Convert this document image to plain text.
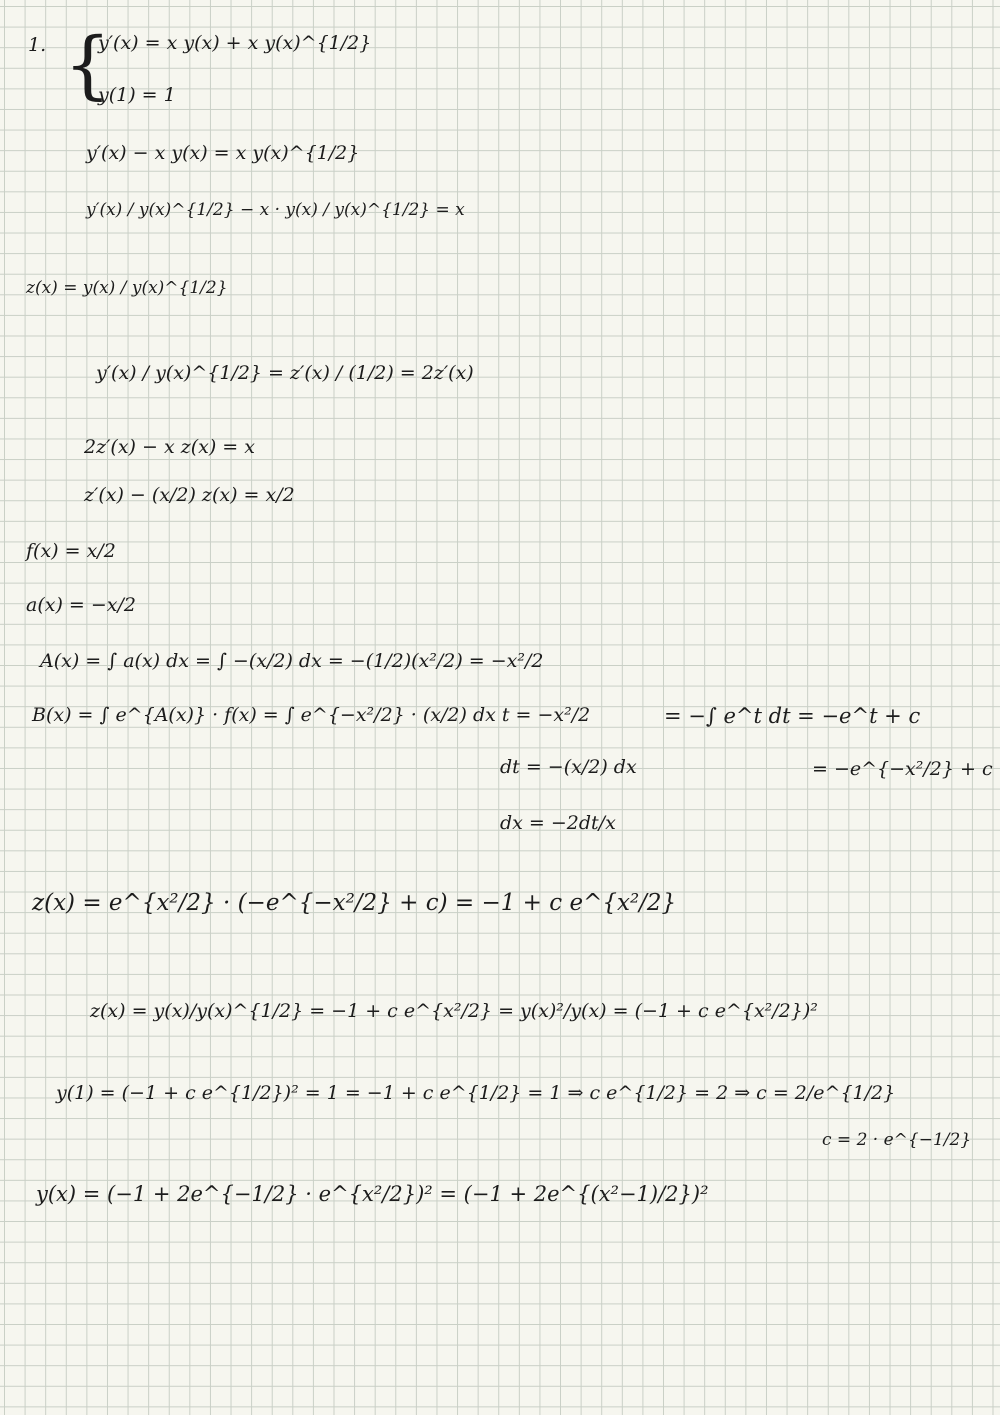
1. {
y′(x) = x y(x) + x y(x)^{1/2}
y(1) = 1
y′(x) − x y(x) = x y(x)^{1/2}
y′(x) / y(x)^{1/2} − x · y(x) / y(x)^{1/2} = x
z(x) = y(x) / y(x)^{1/2}
y′(x) / y(x)^{1/2} = z′(x) / (1/2) = 2z′(x)
2z′(x) − x z(x) = x
z′(x) − (x/2) z(x) = x/2
f(x) = x/2
a(x) = −x/2
A(x) = ∫ a(x) dx = ∫ −(x/2) dx = −(1/2)(x²/2) = −x²/2
B(x) = ∫ e^{A(x)} · f(x) = ∫ e^{−x²/2} · (x/2) dx t = −x²/2	= −∫ e^t dt = −e^t + c
dt = −(x/2) dx	= −e^{−x²/2} + c
dx = −2dt/x
z(x) = e^{x²/2} · (−e^{−x²/2} + c) = −1 + c e^{x²/2}
z(x) = y(x)/y(x)^{1/2} = −1 + c e^{x²/2} = y(x)²/y(x) = (−1 + c e^{x²/2})²
y(1) = (−1 + c e^{1/2})² = 1 = −1 + c e^{1/2} = 1 ⇒ c e^{1/2} = 2 ⇒ c = 2/e^{1/2}
c = 2 · e^{−1/2}
y(x) = (−1 + 2e^{−1/2} · e^{x²/2})² = (−1 + 2e^{(x²−1)/2})²
